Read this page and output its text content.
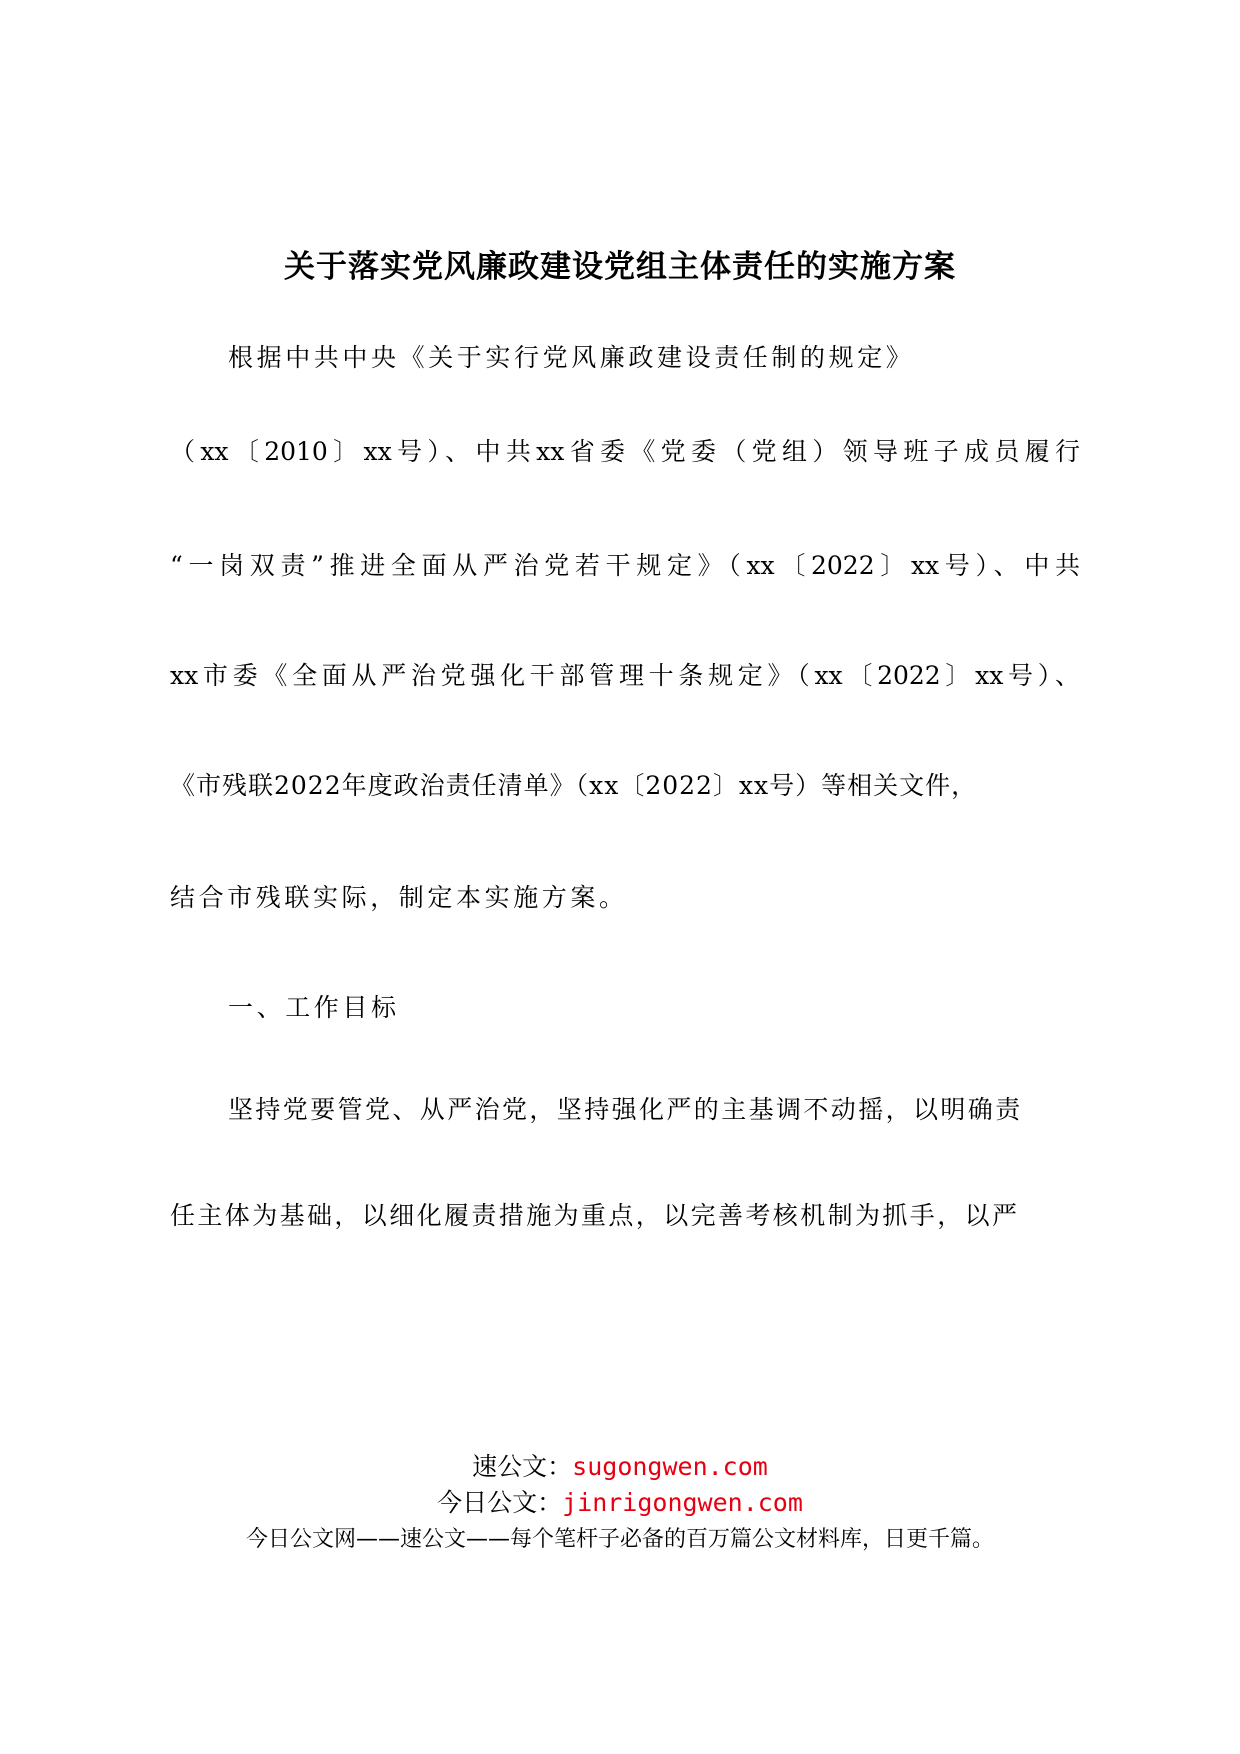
关于落实党风廉政建设党组主体责任的实施方案
根据中共中央《关于实行党风廉政建设责任制的规定》
（xx〔2010〕xx号）、中共xx省委《党委（党组）领导班子成员履行
“一岗双责”推进全面从严治党若干规定》（xx〔2022〕xx号）、中共
xx市委《全面从严治党强化干部管理十条规定》（xx〔2022〕xx号）、
《市残联2022年度政治责任清单》（xx〔2022〕xx号）等相关文件，
结合市残联实际，制定本实施方案。
一、工作目标
坚持党要管党、从严治党，坚持强化严的主基调不动摇，以明确责
任主体为基础，以细化履责措施为重点，以完善考核机制为抓手，以严
速公文：sugongwen.com
今日公文：jinrigongwen.com
今日公文网——速公文——每个笔杆子必备的百万篇公文材料库，日更千篇。
